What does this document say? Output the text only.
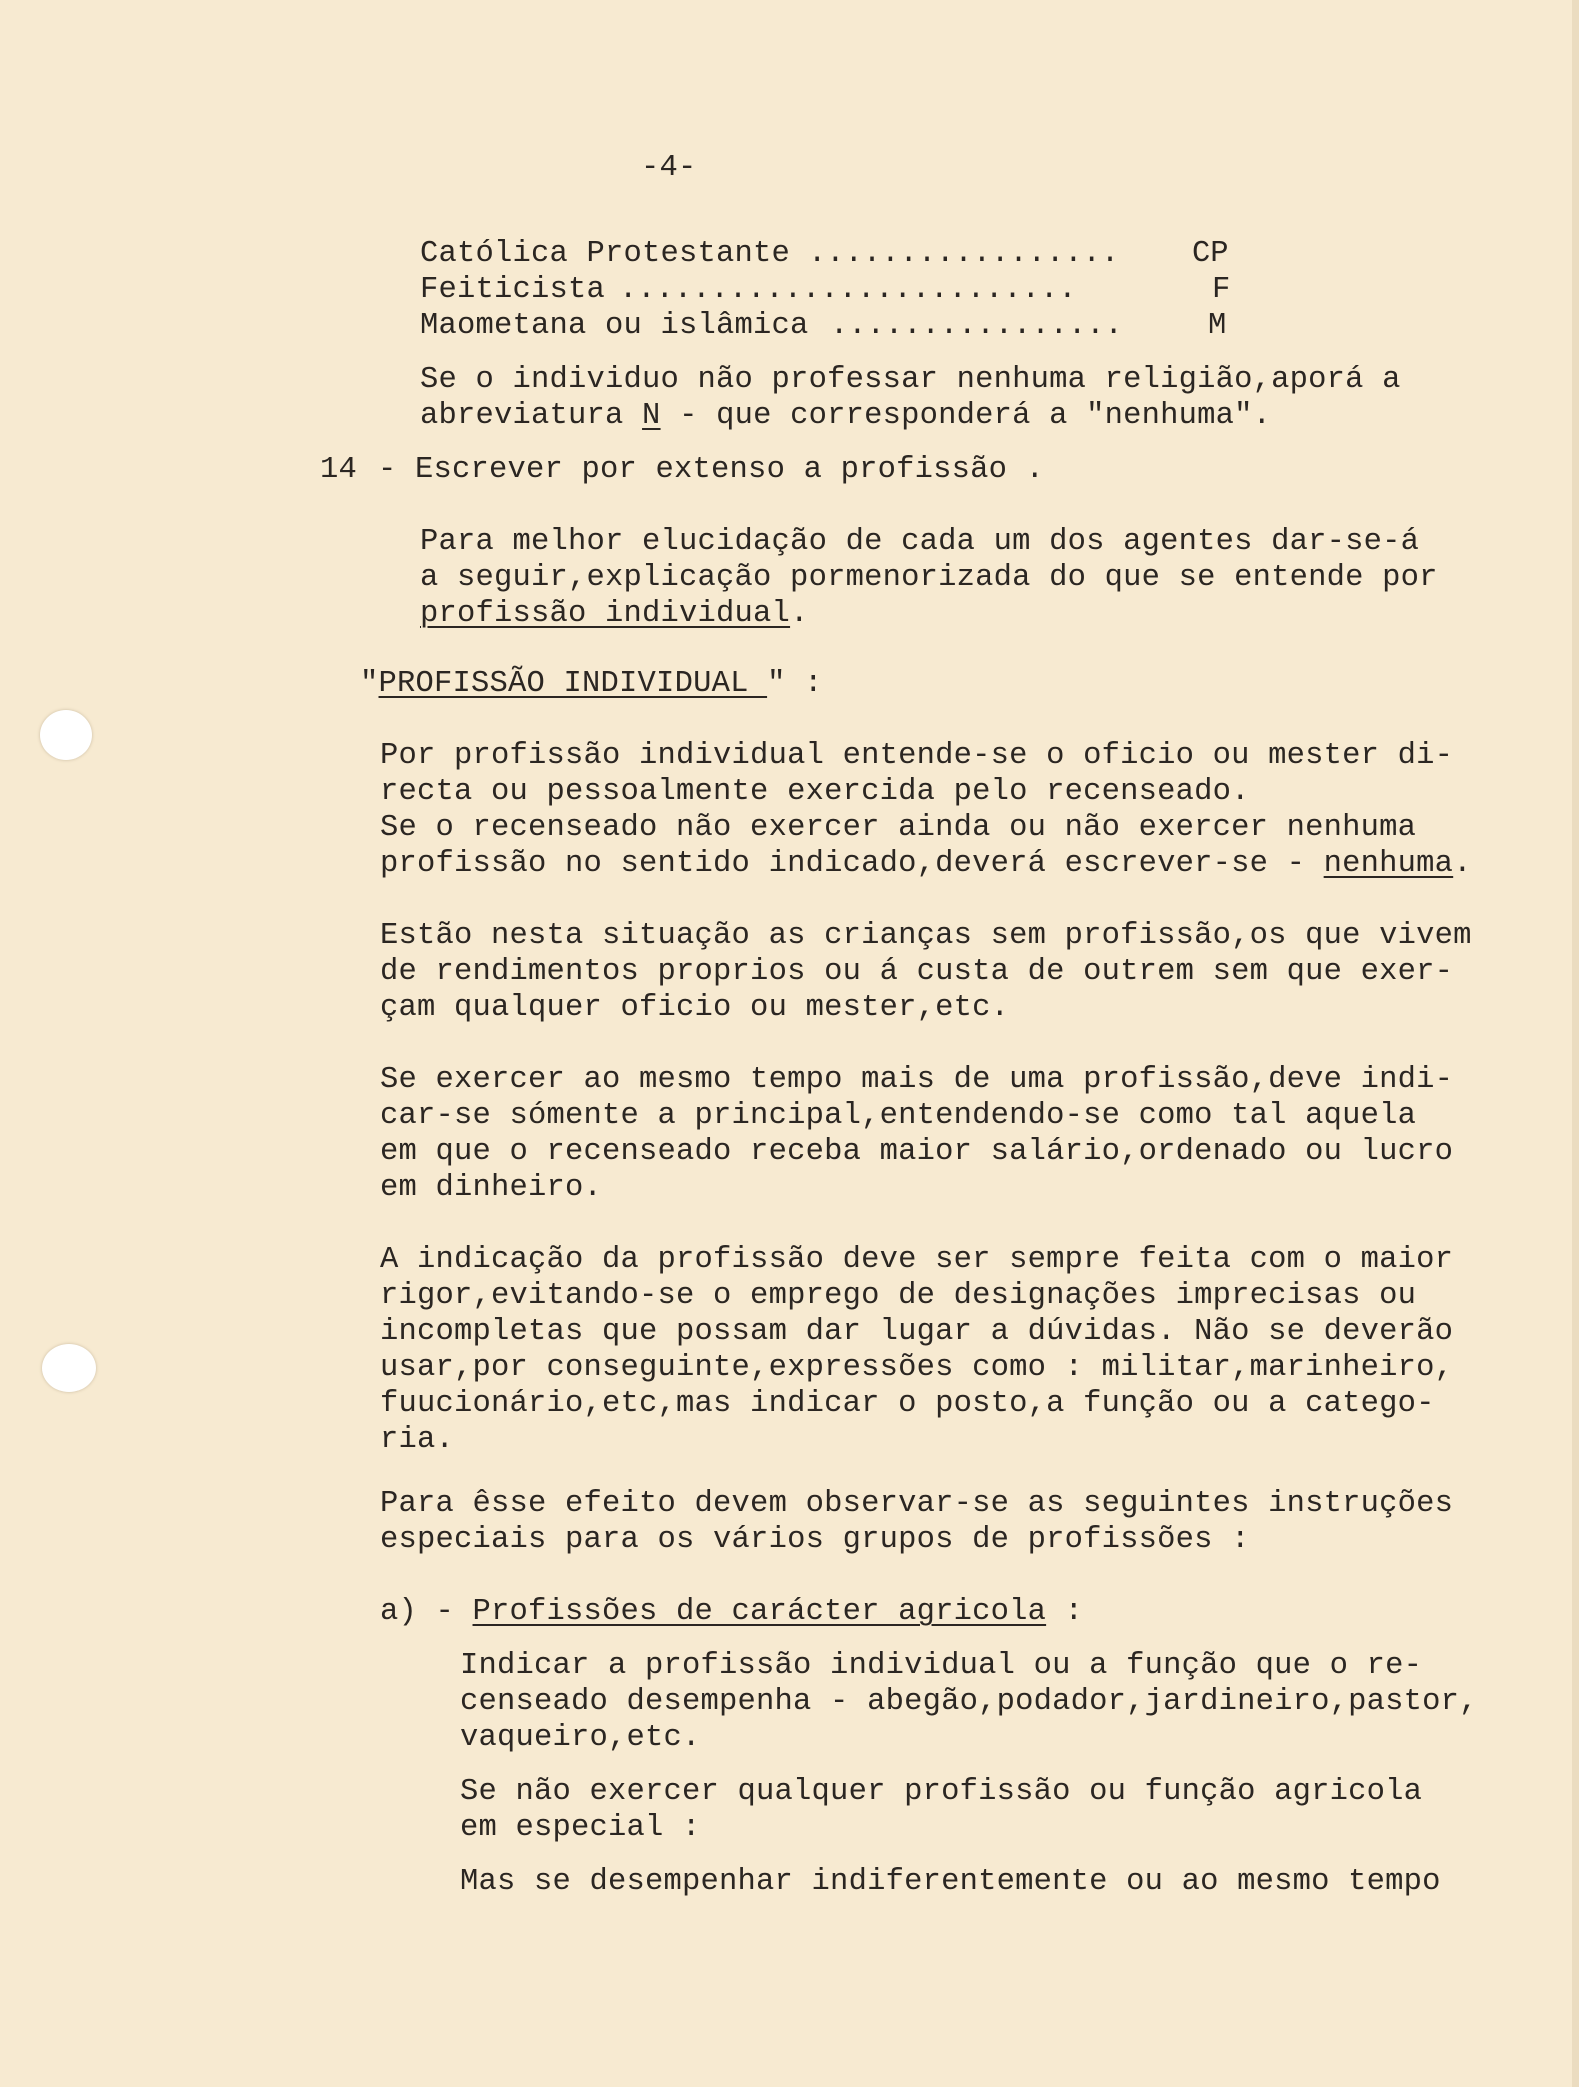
-4-
Católica Protestante ................. CP
Feiticista .........................	F
Maometana ou islâmica ................	M
Se o individuo não professar nenhuma religião,aporá a
abreviatura N - que corresponderá a "nenhuma".
14 - Escrever por extenso a profissão .
Para melhor elucidação de cada um dos agentes dar-se-á
a seguir,explicação pormenorizada do que se entende por
profissão individual.
"PROFISSÃO INDIVIDUAL " :
Por profissão individual entende-se o oficio ou mester di-
recta ou pessoalmente exercida pelo recenseado.
Se o recenseado não exercer ainda ou não exercer nenhuma
profissão no sentido indicado,deverá escrever-se - nenhuma.
Estão nesta situação as crianças sem profissão,os que vivem
de rendimentos proprios ou á custa de outrem sem que exer-
çam qualquer oficio ou mester,etc.
Se exercer ao mesmo tempo mais de uma profissão,deve indi-
car-se sómente a principal,entendendo-se como tal aquela
em que o recenseado receba maior salário,ordenado ou lucro
em dinheiro.
A indicação da profissão deve ser sempre feita com o maior
rigor,evitando-se o emprego de designações imprecisas ou
incompletas que possam dar lugar a dúvidas. Não se deverão
usar,por conseguinte,expressões como : militar,marinheiro,
fuucionário,etc,mas indicar o posto,a função ou a catego-
ria.
Para êsse efeito devem observar-se as seguintes instruções
especiais para os vários grupos de profissões :
a) - Profissões de carácter agricola :
Indicar a profissão individual ou a função que o re-
censeado desempenha - abegão,podador,jardineiro,pastor,
vaqueiro,etc.
Se não exercer qualquer profissão ou função agricola
em especial :
Mas se desempenhar indiferentemente ou ao mesmo tempo
